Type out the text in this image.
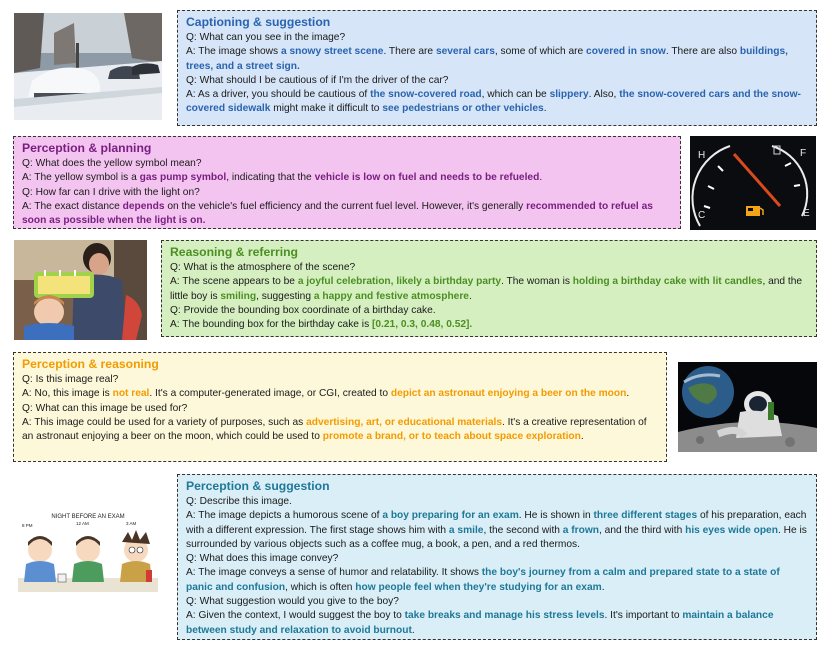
Captioning & suggestion

Q: What can you see in the image?

A: The image shows a snowy street scene. There are several cars, some of which are covered in snow. There are also buildings, trees, and a street sign.

Q: What should I be cautious of if I'm the driver of the car?

A: As a driver, you should be cautious of the snow-covered road, which can be slippery. Also, the snow-covered cars and the snow-covered sidewalk might make it difficult to see pedestrians or other vehicles.

Perception & planning

Q: What does the yellow symbol mean?

A: The yellow symbol is a gas pump symbol, indicating that the vehicle is low on fuel and needs to be refueled.

Q: How far can I drive with the light on?

A: The exact distance depends on the vehicle's fuel efficiency and the current fuel level. However, it's generally recommended to refuel as soon as possible when the light is on.

H
C
F
E
Reasoning & referring

Q: What is the atmosphere of the scene?

A: The scene appears to be a joyful celebration, likely a birthday party. The woman is holding a birthday cake with lit candles, and the little boy is smiling, suggesting a happy and festive atmosphere.

Q: Provide the bounding box coordinate of a birthday cake.

A: The bounding box for the birthday cake is [0.21, 0.3, 0.48, 0.52].

Perception & reasoning

Q: Is this image real?

A: No, this image is not real. It's a computer-generated image, or CGI, created to depict an astronaut enjoying a beer on the moon.

Q: What can this image be used for?

A: This image could be used for a variety of purposes, such as advertising, art, or educational materials. It's a creative representation of an astronaut enjoying a beer on the moon, which could be used to promote a brand, or to teach about space exploration.

NIGHT BEFORE AN EXAM
8 PM	12 AM	3 AM
Perception & suggestion

Q: Describe this image.

A: The image depicts a humorous scene of a boy preparing for an exam. He is shown in three different stages of his preparation, each with a different expression. The first stage shows him with a smile, the second with a frown, and the third with his eyes wide open. He is surrounded by various objects such as a coffee mug, a book, a pen, and a red thermos.

Q: What does this image convey?

A: The image conveys a sense of humor and relatability. It shows the boy's journey from a calm and prepared state to a state of panic and confusion, which is often how people feel when they're studying for an exam.

Q: What suggestion would you give to the boy?

A: Given the context, I would suggest the boy to take breaks and manage his stress levels. It's important to maintain a balance between study and relaxation to avoid burnout.
